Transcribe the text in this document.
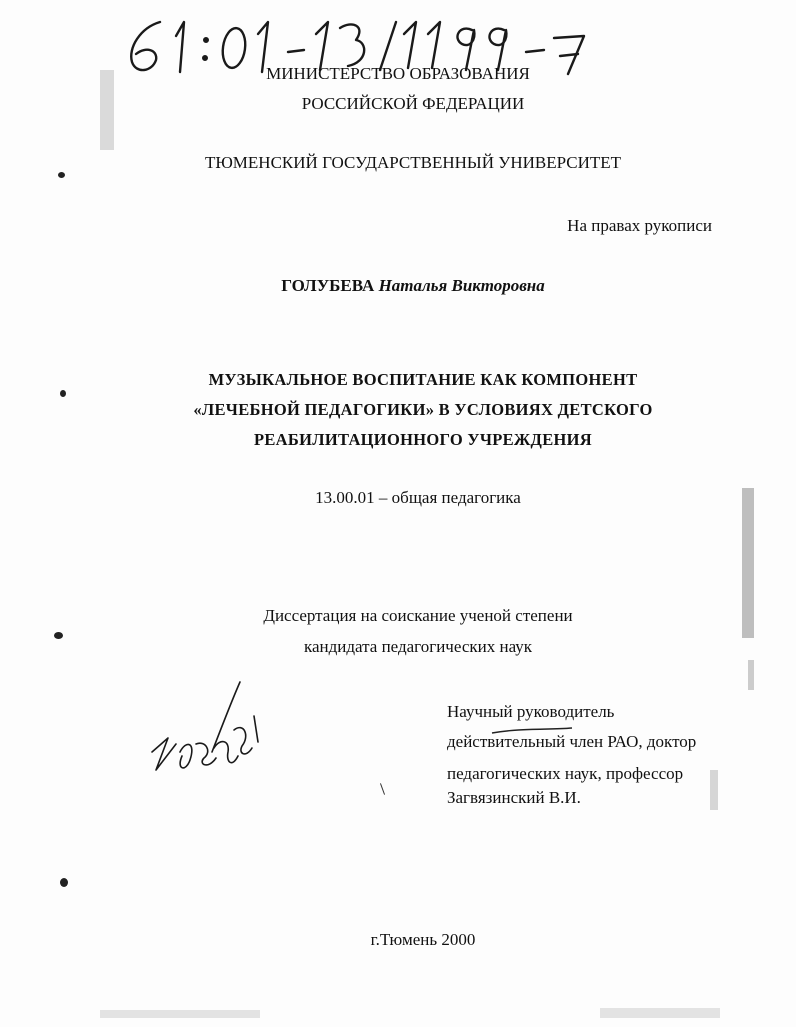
МИНИСТЕРСТВО ОБРАЗОВАНИЯ
РОССИЙСКОЙ ФЕДЕРАЦИИ
ТЮМЕНСКИЙ ГОСУДАРСТВЕННЫЙ УНИВЕРСИТЕТ
На правах рукописи
ГОЛУБЕВА Наталья Викторовна
МУЗЫКАЛЬНОЕ ВОСПИТАНИЕ КАК КОМПОНЕНТ
«ЛЕЧЕБНОЙ ПЕДАГОГИКИ» В УСЛОВИЯХ ДЕТСКОГО
РЕАБИЛИТАЦИОННОГО УЧРЕЖДЕНИЯ
13.00.01 – общая педагогика
Диссертация на соискание ученой степени
кандидата педагогических наук
Научный руководитель
действительный член РАО, доктор
педагогических наук, профессор
Загвязинский В.И.
г.Тюмень 2000
